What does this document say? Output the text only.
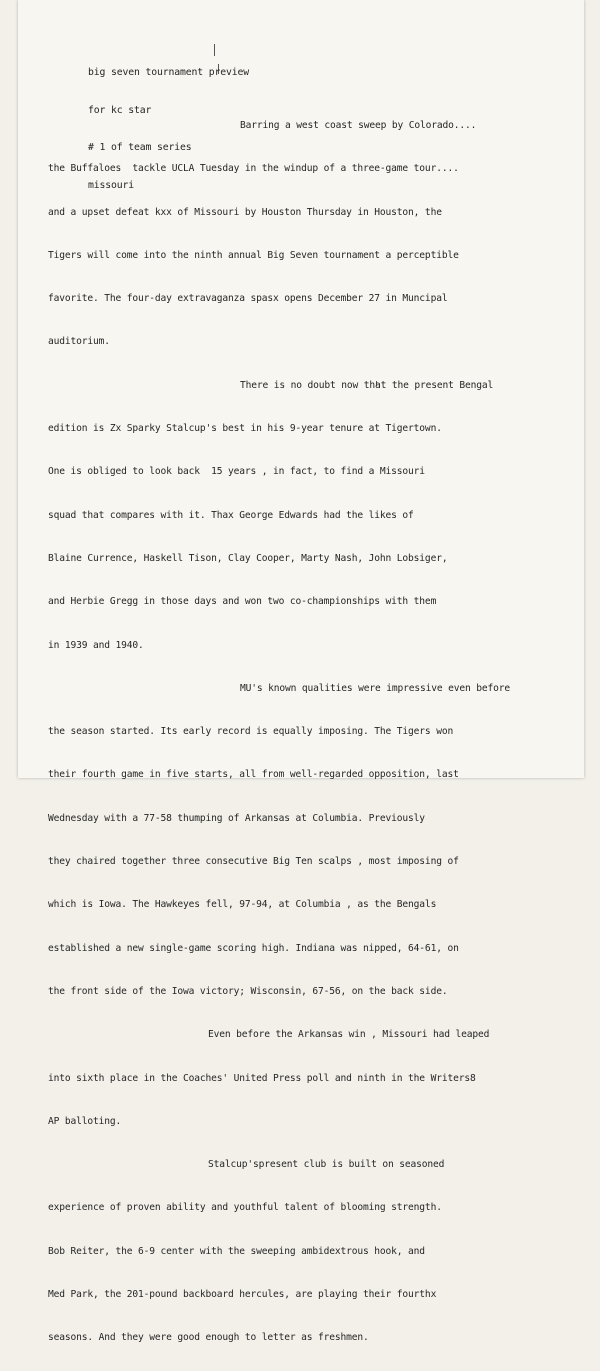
big seven tournament preview

for kc star

# 1 of team series

missouri

Barring a west coast sweep by Colorado....

the Buffaloes  tackle UCLA Tuesday in the windup of a three-game tour....

and a upset defeat kxx of Missouri by Houston Thursday in Houston, the

Tigers will come into the ninth annual Big Seven tournament a perceptible

favorite. The four-day extravaganza spasx opens December 27 in Muncipal

auditorium.

There is no doubt now that the present Bengal

edition is Zx Sparky Stalcup's best in his 9-year tenure at Tigertown.

One is obliged to look back  15 years , in fact, to find a Missouri

squad that compares with it. Thax George Edwards had the likes of

Blaine Currence, Haskell Tison, Clay Cooper, Marty Nash, John Lobsiger,

and Herbie Gregg in those days and won two co-championships with them

in 1939 and 1940.

MU's known qualities were impressive even before

the season started. Its early record is equally imposing. The Tigers won

their fourth game in five starts, all from well-regarded opposition, last

Wednesday with a 77-58 thumping of Arkansas at Columbia. Previously

they chaired together three consecutive Big Ten scalps , most imposing of

which is Iowa. The Hawkeyes fell, 97-94, at Columbia , as the Bengals

established a new single-game scoring high. Indiana was nipped, 64-61, on

the front side of the Iowa victory; Wisconsin, 67-56, on the back side.

Even before the Arkansas win , Missouri had leaped

into sixth place in the Coaches' United Press poll and ninth in the Writers8

AP balloting.

Stalcup'spresent club is built on seasoned

experience of proven ability and youthful talent of blooming strength.

Bob Reiter, the 6-9 center with the sweeping ambidextrous hook, and

Med Park, the 201-pound backboard hercules, are playing their fourthx

seasons. And they were good enough to letter as freshmen.
